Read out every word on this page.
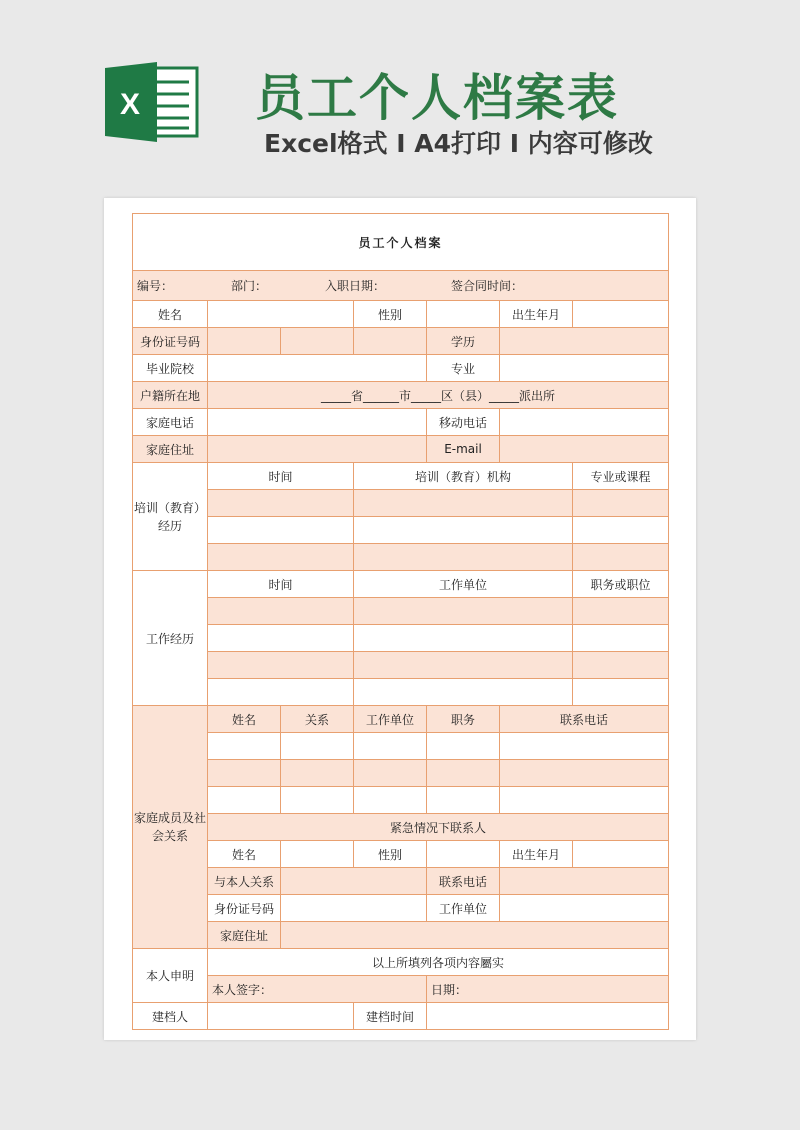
X 员工个人档案表
Excel格式 I A4打印 I 内容可修改
员工个人档案						

编号： 部门： 入职日期： 签合同时间：						

姓名			性别		出生年月	
身份证号码				学历		
毕业院校				专业		
户籍所在地	_____省______市_____区（县）_____派出所					
家庭电话				移动电话		
家庭住址				E-mail		
培训（教育）经历	时间		培训（教育）机构			专业或课程

工作经历	时间		工作单位			职务或职位

家庭成员及社会关系	姓名	关系	工作单位	职务	联系电话	

	紧急情况下联系人					
	姓名		性别		出生年月	
	与本人关系			联系电话		
	身份证号码			工作单位		
	家庭住址					
本人申明	以上所填列各项内容屬实					
	本人签字：			日期：		
建档人			建档时间			
